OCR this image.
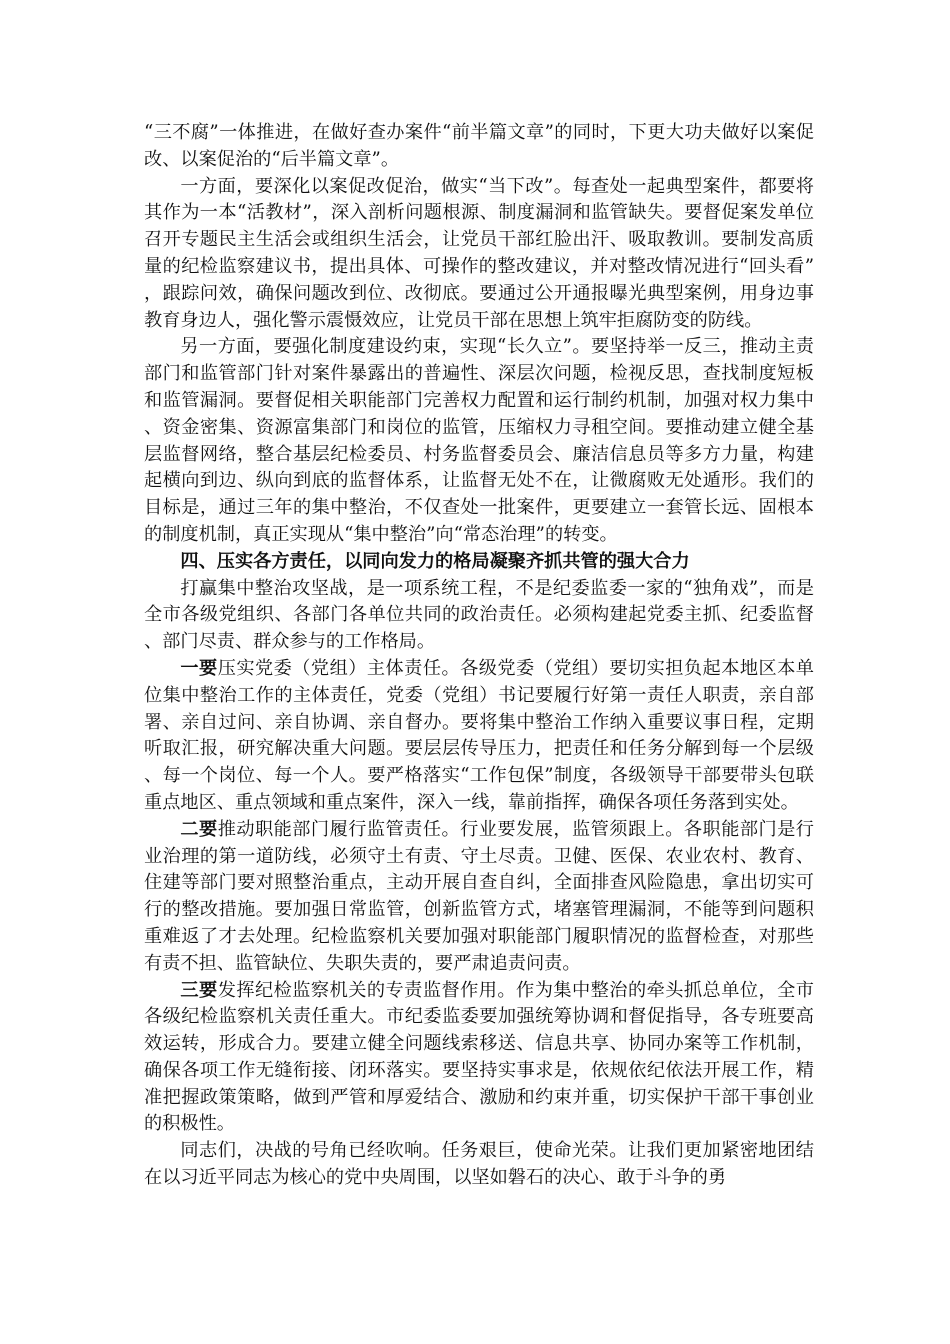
“三不腐”一体推进，在做好查办案件“前半篇文章”的同时，下更大功夫做好以案促改、以案促治的“后半篇文章”。

一方面，要深化以案促改促治，做实“当下改”。每查处一起典型案件，都要将其作为一本“活教材”，深入剖析问题根源、制度漏洞和监管缺失。要督促案发单位召开专题民主生活会或组织生活会，让党员干部红脸出汗、吸取教训。要制发高质量的纪检监察建议书，提出具体、可操作的整改建议，并对整改情况进行“回头看”，跟踪问效，确保问题改到位、改彻底。要通过公开通报曝光典型案例，用身边事教育身边人，强化警示震慑效应，让党员干部在思想上筑牢拒腐防变的防线。

另一方面，要强化制度建设约束，实现“长久立”。要坚持举一反三，推动主责部门和监管部门针对案件暴露出的普遍性、深层次问题，检视反思，查找制度短板和监管漏洞。要督促相关职能部门完善权力配置和运行制约机制，加强对权力集中、资金密集、资源富集部门和岗位的监管，压缩权力寻租空间。要推动建立健全基层监督网络，整合基层纪检委员、村务监督委员会、廉洁信息员等多方力量，构建起横向到边、纵向到底的监督体系，让监督无处不在，让微腐败无处遁形。我们的目标是，通过三年的集中整治，不仅查处一批案件，更要建立一套管长远、固根本的制度机制，真正实现从“集中整治”向“常态治理”的转变。

四、压实各方责任，以同向发力的格局凝聚齐抓共管的强大合力

打赢集中整治攻坚战，是一项系统工程，不是纪委监委一家的“独角戏”，而是全市各级党组织、各部门各单位共同的政治责任。必须构建起党委主抓、纪委监督、部门尽责、群众参与的工作格局。

一要压实党委（党组）主体责任。各级党委（党组）要切实担负起本地区本单位集中整治工作的主体责任，党委（党组）书记要履行好第一责任人职责，亲自部署、亲自过问、亲自协调、亲自督办。要将集中整治工作纳入重要议事日程，定期听取汇报，研究解决重大问题。要层层传导压力，把责任和任务分解到每一个层级、每一个岗位、每一个人。要严格落实“工作包保”制度，各级领导干部要带头包联重点地区、重点领域和重点案件，深入一线，靠前指挥，确保各项任务落到实处。

二要推动职能部门履行监管责任。行业要发展，监管须跟上。各职能部门是行业治理的第一道防线，必须守土有责、守土尽责。卫健、医保、农业农村、教育、住建等部门要对照整治重点，主动开展自查自纠，全面排查风险隐患，拿出切实可行的整改措施。要加强日常监管，创新监管方式，堵塞管理漏洞，不能等到问题积重难返了才去处理。纪检监察机关要加强对职能部门履职情况的监督检查，对那些有责不担、监管缺位、失职失责的，要严肃追责问责。

三要发挥纪检监察机关的专责监督作用。作为集中整治的牵头抓总单位，全市各级纪检监察机关责任重大。市纪委监委要加强统筹协调和督促指导，各专班要高效运转，形成合力。要建立健全问题线索移送、信息共享、协同办案等工作机制，确保各项工作无缝衔接、闭环落实。要坚持实事求是，依规依纪依法开展工作，精准把握政策策略，做到严管和厚爱结合、激励和约束并重，切实保护干部干事创业的积极性。

同志们，决战的号角已经吹响。任务艰巨，使命光荣。让我们更加紧密地团结在以习近平同志为核心的党中央周围，以坚如磐石的决心、敢于斗争的勇
